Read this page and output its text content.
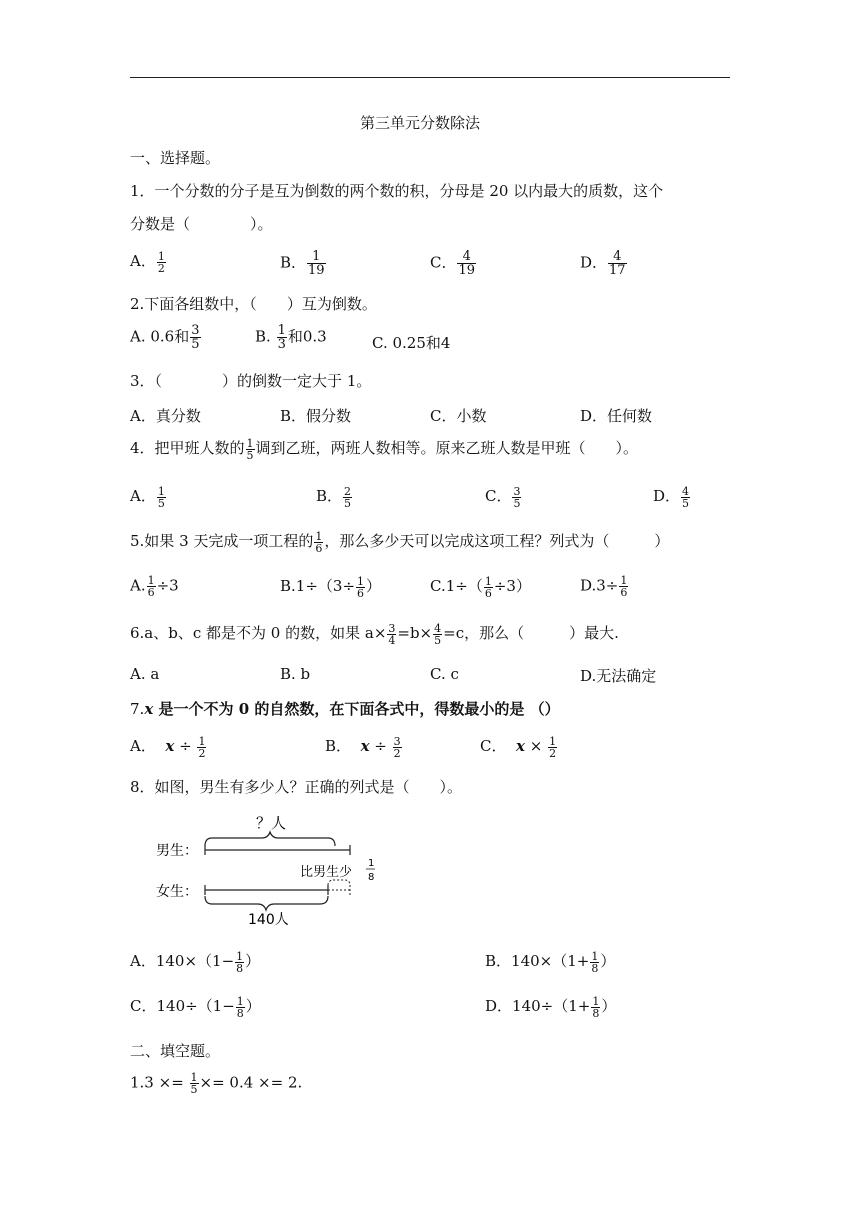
第三单元分数除法
一、选择题。
1．一个分数的分子是互为倒数的两个数的积，分母是 20 以内最大的质数，这个
分数是（　　　　）。
A． $\frac{1}{2}$	B． $\frac{1}{19}$	C． $\frac{4}{19}$	D． $\frac{4}{17}$
2.下面各组数中，（　　）互为倒数。
A. 0.6和 $\frac{3}{5}$	B. $\frac{1}{3}$ 和0.3	C. 0.25和4
3．（　　　　）的倒数一定大于 1。
A．真分数	B．假分数	C．小数	D．任何数
4．把甲班人数的 $\frac{1}{5}$ 调到乙班，两班人数相等。原来乙班人数是甲班（　　）。
A． $\frac{1}{5}$	B． $\frac{2}{5}$	C． $\frac{3}{5}$	D． $\frac{4}{5}$
5.如果 3 天完成一项工程的 $\frac{1}{6}$ ，那么多少天可以完成这项工程？列式为（　　　）
A. $\frac{1}{6} \div 3$	$B.1\div(3\div \frac{1}{6}$ ）	$C.1\div( \frac{1}{6} \div 3)$	$D.3\div \frac{1}{6}$
6.a、b、c 都是不为 0 的数，如果 $a\times \frac{3}{4} =b\times \frac{4}{5} =c$，那么（　　　）最大.
A. a	B. b	C. c	D.无法确定
7.x 是一个不为 0 的自然数，在下面各式中，得数最小的是 （）
A． $x \div \frac{1}{2}$	B． $x \div \frac{3}{2}$	C． $x \times \frac{1}{2}$
8．如图，男生有多少人？正确的列式是（　　）。
？人
男生：
比男生少
1
8
女生：
140人
A．$140\times(1- \frac{1}{8}$ ）	B．$140\times(1+ \frac{1}{8}$ ）
C．$140\div(1- \frac{1}{8}$ ）	D．$140\div(1+ \frac{1}{8}$ ）
二、填空题。
$1.3 \times= \frac{1}{5} \times= 0.4 \times= 2$.
